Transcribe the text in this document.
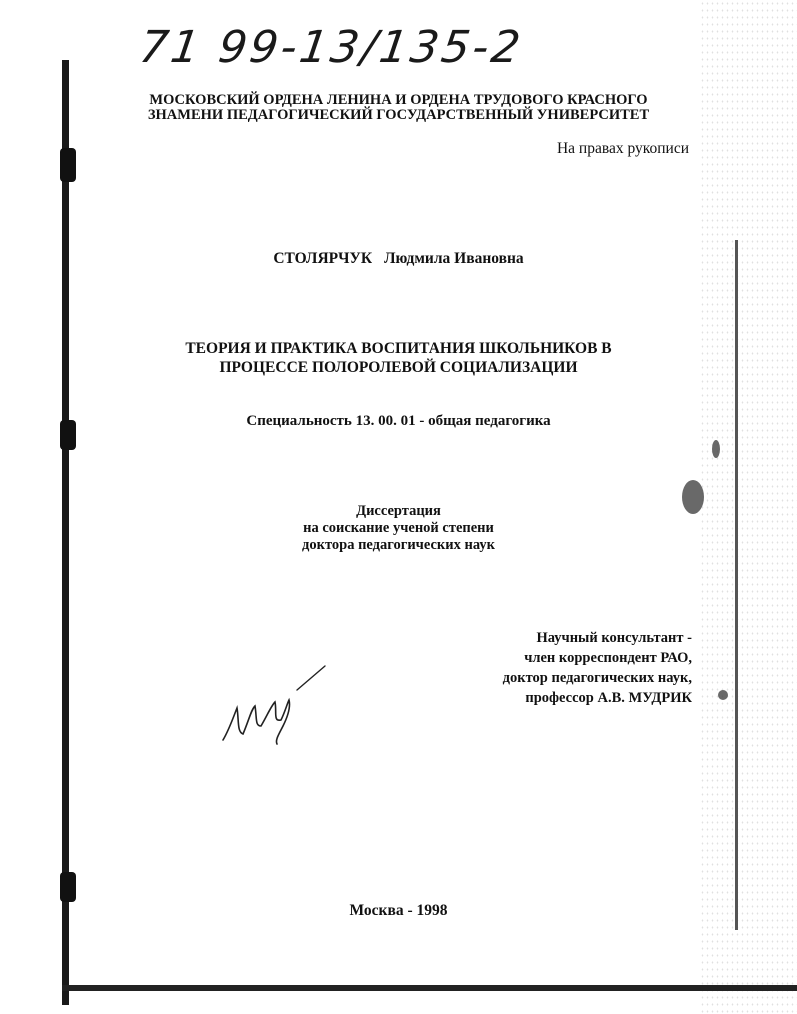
71 99-13/135-2
МОСКОВСКИЙ ОРДЕНА ЛЕНИНА И ОРДЕНА ТРУДОВОГО КРАСНОГО
ЗНАМЕНИ ПЕДАГОГИЧЕСКИЙ ГОСУДАРСТВЕННЫЙ УНИВЕРСИТЕТ
На правах рукописи
СТОЛЯРЧУК Людмила Ивановна
ТЕОРИЯ И ПРАКТИКА ВОСПИТАНИЯ ШКОЛЬНИКОВ В
ПРОЦЕССЕ ПОЛОРОЛЕВОЙ СОЦИАЛИЗАЦИИ
Специальность 13. 00. 01 - общая педагогика
Диссертация
на соискание ученой степени
доктора педагогических наук
Научный консультант -
член корреспондент РАО,
доктор педагогических наук,
профессор А.В. МУДРИК
Москва - 1998
